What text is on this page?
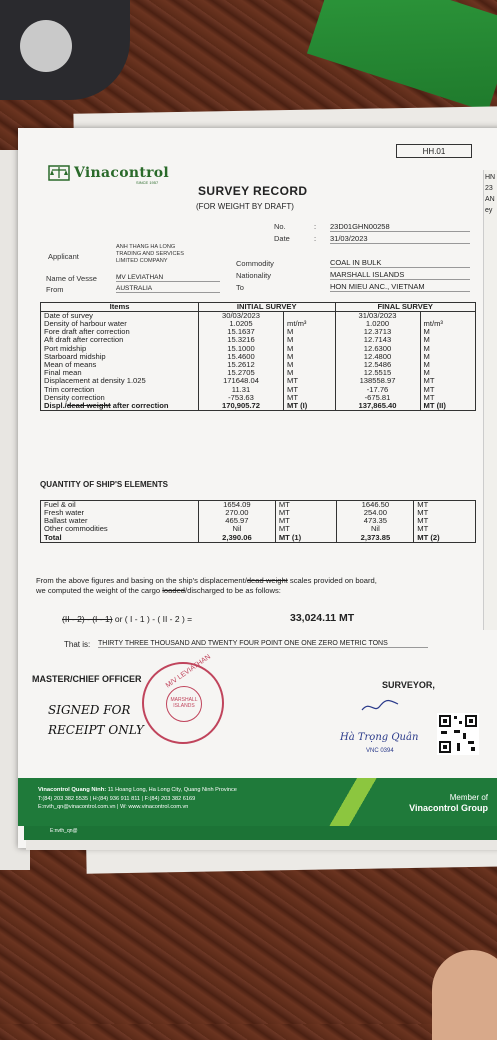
HH.01
Vinacontrol
SINCE 1957
SURVEY RECORD
(FOR WEIGHT BY DRAFT)
No.	: 23D01GHN00258
Date	: 31/03/2023
Applicant
ANH THANG HA LONG
TRADING AND SERVICES
LIMITED COMPANY
Name of Vesse	MV LEVIATHAN
From	AUSTRALIA
Commodity	COAL IN BULK
Nationality	MARSHALL ISLANDS
To	HON MIEU ANC., VIETNAM
Items	INITIAL SURVEY		FINAL SURVEY	
Date of survey	30/03/2023		31/03/2023	
Density of harbour water	1.0205	mt/m³	1.0200	mt/m³
Fore draft after correction	15.1637	M	12.3713	M
Aft draft after correction	15.3216	M	12.7143	M
Port midship	15.1000	M	12.6300	M
Starboard midship	15.4600	M	12.4800	M
Mean of means	15.2612	M	12.5486	M
Final mean	15.2705	M	12.5515	M
Displacement at density 1.025	171648.04	MT	138558.97	MT
Trim correction	11.31	MT	-17.76	MT
Density correction	-753.63	MT	-675.81	MT
Displ./dead weight after correction	170,905.72	MT (I)	137,865.40	MT (II)
QUANTITY OF SHIP'S ELEMENTS
Fuel & oil	1654.09	MT	1646.50	MT
Fresh water	270.00	MT	254.00	MT
Ballast water	465.97	MT	473.35	MT
Other commodities	Nil	MT	Nil	MT
Total	2,390.06	MT (1)	2,373.85	MT (2)
From the above figures and basing on the ship's displacement/dead weight scales provided on board,
we computed the weight of the cargo loaded/discharged to be as follows:
(II - 2) - (I - 1) or ( I - 1 ) - ( II - 2 ) =	33,024.11 MT
That is: THIRTY THREE THOUSAND AND TWENTY FOUR POINT ONE ONE ZERO METRIC TONS
MASTER/CHIEF OFFICER
SURVEYOR,
SIGNED FOR
RECEIPT ONLY
M/V LEVIATHAN
MARSHALL ISLANDS
Hà Trọng Quân
VNC 0394
Vinacontrol Quang Ninh: 11 Hoang Long, Ha Long City, Quang Ninh Province
T:(84) 203 382 5535 | H:(84) 936 911 811 | F:(84) 203 382 6169
E:nvth_qn@vinacontrol.com.vn | W: www.vinacontrol.com.vn
Member of
Vinacontrol Group
E:nvth_qn@
HN
23
AN
ey
